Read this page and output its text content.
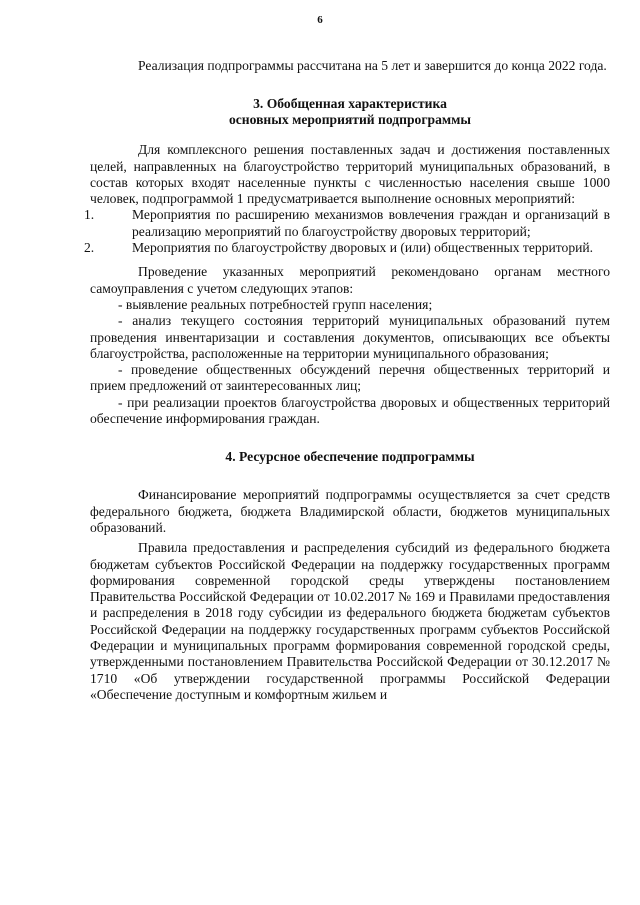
6

Реализация подпрограммы рассчитана на 5 лет и завершится до конца 2022 года.

3. Обобщенная характеристика
основных мероприятий подпрограммы

Для комплексного решения поставленных задач и достижения поставленных целей, направленных на благоустройство территорий муниципальных образований, в состав которых входят населенные пункты с численностью населения свыше 1000 человек, подпрограммой 1 предусматривается выполнение основных мероприятий:

1.	Мероприятия по расширению механизмов вовлечения граждан и организаций в реализацию мероприятий по благоустройству дворовых территорий;
2.	Мероприятия по благоустройству дворовых и (или) общественных территорий.

Проведение указанных мероприятий рекомендовано органам местного самоуправления с учетом следующих этапов:

- выявление реальных потребностей групп населения;

- анализ текущего состояния территорий муниципальных образований путем проведения инвентаризации и составления документов, описывающих все объекты благоустройства, расположенные на территории муниципального образования;

- проведение общественных обсуждений перечня общественных территорий и прием предложений от заинтересованных лиц;

- при реализации проектов благоустройства дворовых и общественных территорий обеспечение информирования граждан.

4. Ресурсное обеспечение подпрограммы

Финансирование мероприятий подпрограммы осуществляется за счет средств федерального бюджета, бюджета Владимирской области, бюджетов муниципальных образований.

Правила предоставления и распределения субсидий из федерального бюджета бюджетам субъектов Российской Федерации на поддержку государственных программ формирования современной городской среды утверждены постановлением Правительства Российской Федерации от 10.02.2017 № 169 и Правилами предоставления и распределения в 2018 году субсидии из федерального бюджета бюджетам субъектов Российской Федерации на поддержку государственных программ субъектов Российской Федерации и муниципальных программ формирования современной городской среды, утвержденными постановлением Правительства Российской Федерации от 30.12.2017 № 1710 «Об утверждении государственной программы Российской Федерации «Обеспечение доступным и комфортным жильем и
